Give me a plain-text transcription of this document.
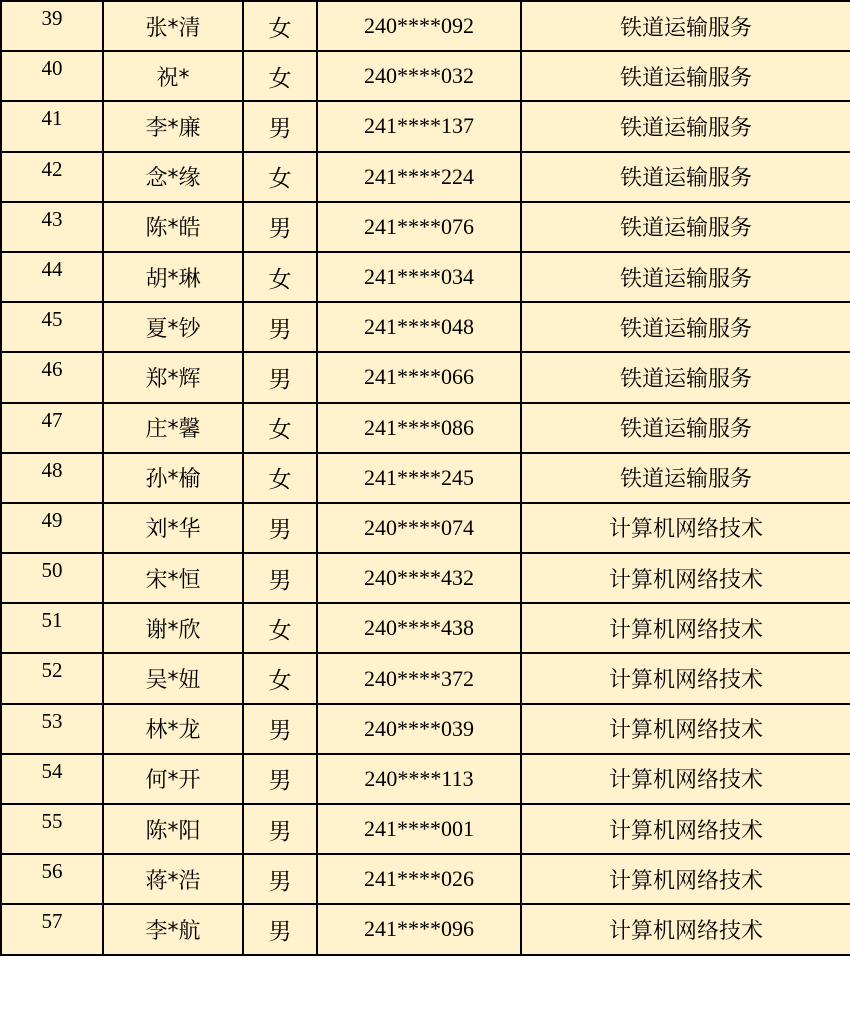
39	张*清	女	240****092	铁道运输服务
40	祝*	女	240****032	铁道运输服务
41	李*廉	男	241****137	铁道运输服务
42	念*缘	女	241****224	铁道运输服务
43	陈*皓	男	241****076	铁道运输服务
44	胡*琳	女	241****034	铁道运输服务
45	夏*钞	男	241****048	铁道运输服务
46	郑*辉	男	241****066	铁道运输服务
47	庄*馨	女	241****086	铁道运输服务
48	孙*榆	女	241****245	铁道运输服务
49	刘*华	男	240****074	计算机网络技术
50	宋*恒	男	240****432	计算机网络技术
51	谢*欣	女	240****438	计算机网络技术
52	吴*妞	女	240****372	计算机网络技术
53	林*龙	男	240****039	计算机网络技术
54	何*开	男	240****113	计算机网络技术
55	陈*阳	男	241****001	计算机网络技术
56	蒋*浩	男	241****026	计算机网络技术
57	李*航	男	241****096	计算机网络技术
